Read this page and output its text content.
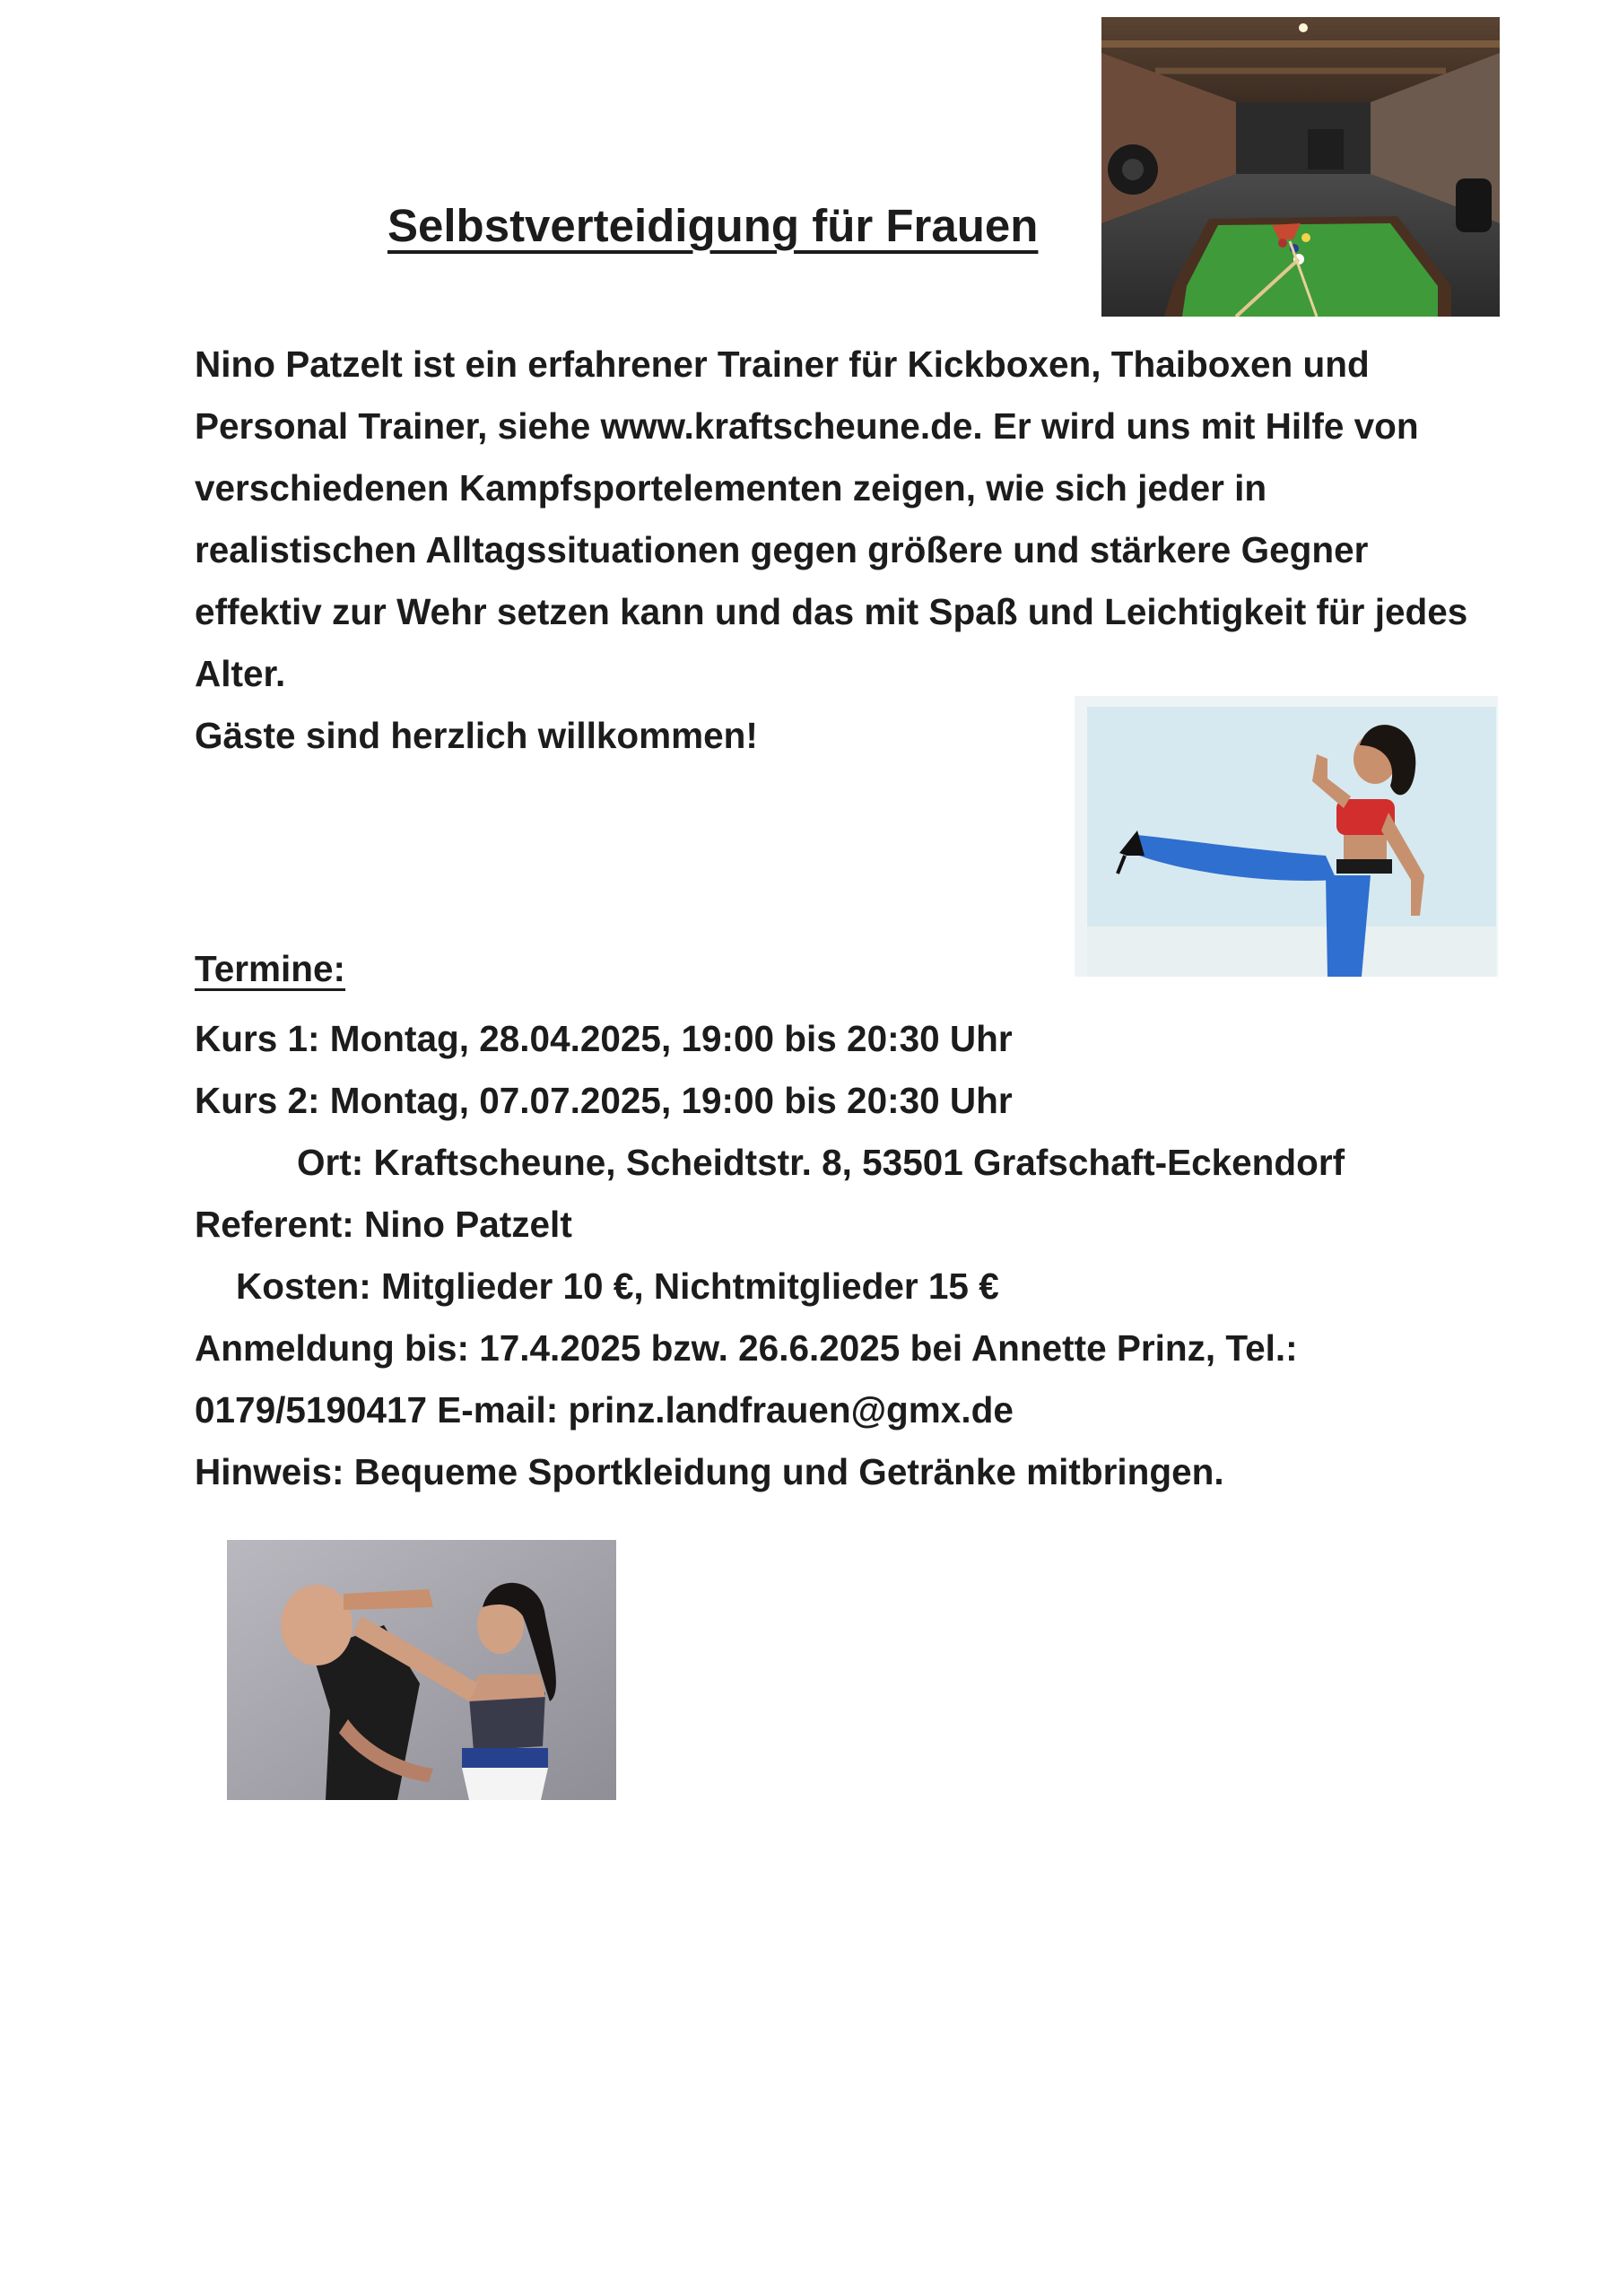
Selbstverteidigung für Frauen
Nino Patzelt ist ein erfahrener Trainer für Kickboxen, Thaiboxen und Personal Trainer, siehe www.kraftscheune.de. Er wird uns mit Hilfe von verschiedenen Kampfsportelementen zeigen, wie sich jeder in realistischen Alltagssituationen gegen größere und stärkere Gegner effektiv zur Wehr setzen kann und das mit Spaß und Leichtigkeit für jedes Alter.
Gäste sind herzlich willkommen!
Termine:

Kurs 1: Montag, 28.04.2025, 19:00 bis 20:30 Uhr

Kurs 2: Montag, 07.07.2025, 19:00 bis 20:30 Uhr

Ort: Kraftscheune, Scheidtstr. 8, 53501 Grafschaft-Eckendorf

Referent: Nino Patzelt

Kosten: Mitglieder 10 €, Nichtmitglieder 15 €

Anmeldung bis: 17.4.2025 bzw. 26.6.2025 bei Annette Prinz, Tel.:

0179/5190417 E-mail: prinz.landfrauen@gmx.de

Hinweis: Bequeme Sportkleidung und Getränke mitbringen.
